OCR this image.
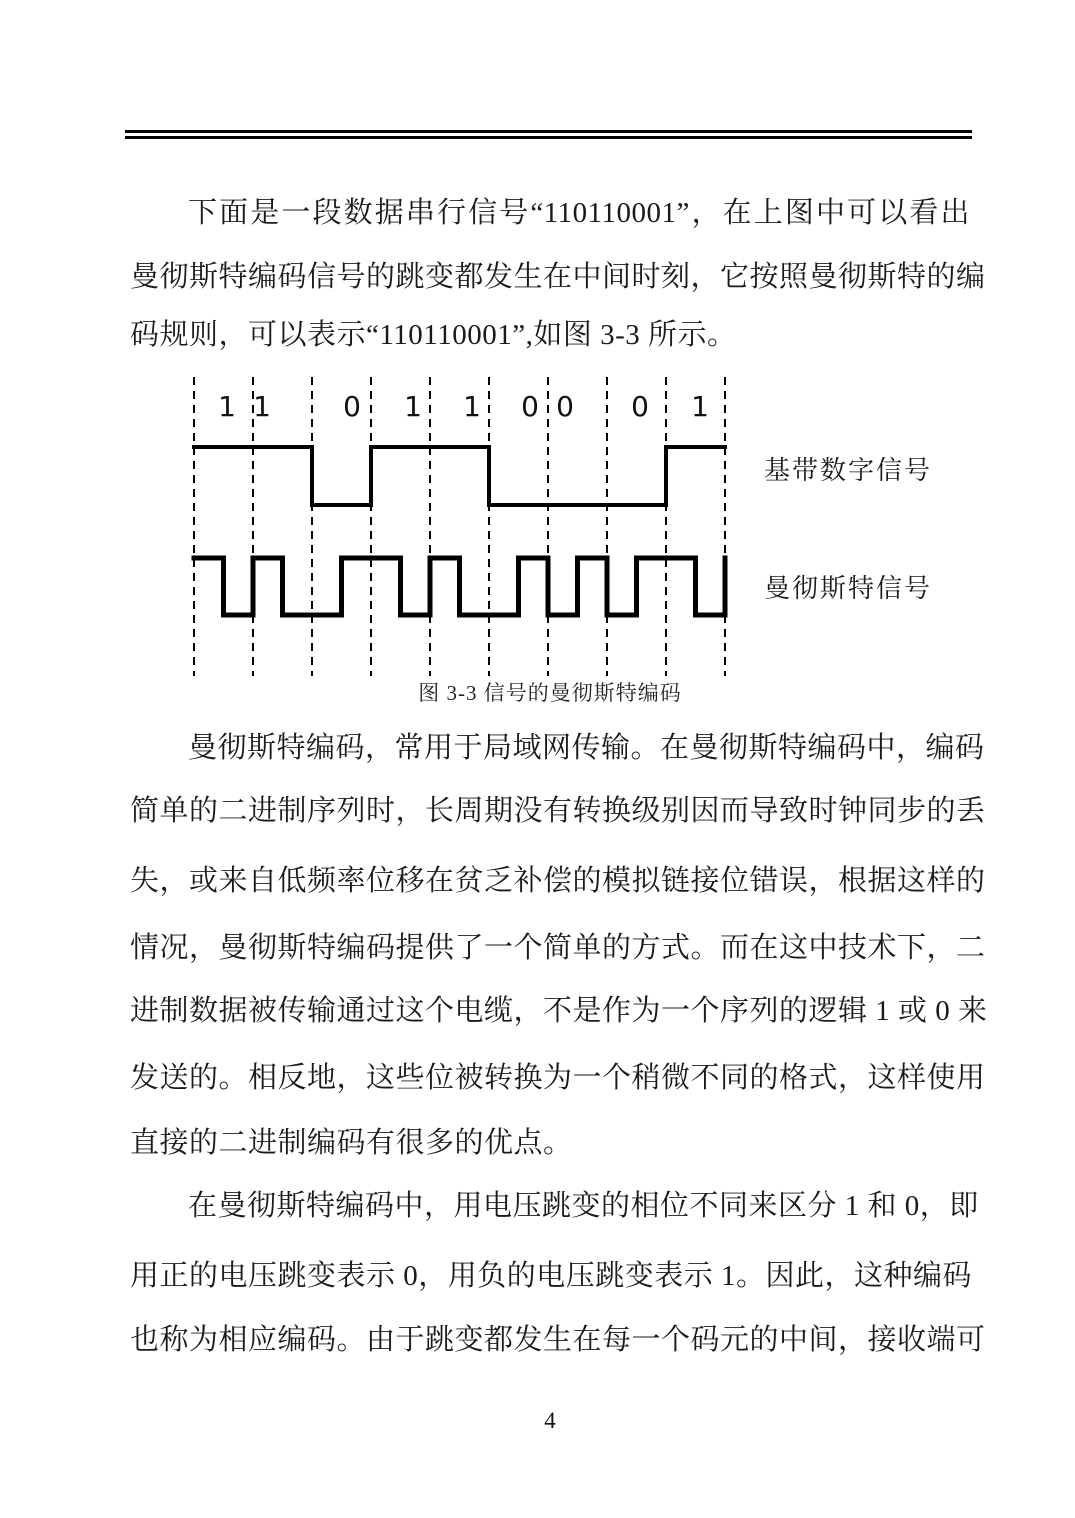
下面是一段数据串行信号“110110001”，在上图中可以看出
曼彻斯特编码信号的跳变都发生在中间时刻，它按照曼彻斯特的编
码规则，可以表示“110110001”,如图 3-3 所示。
1 1	0 1 1 0 0 0 1
基带数字信号
曼彻斯特信号
图 3-3 信号的曼彻斯特编码
曼彻斯特编码，常用于局域网传输。在曼彻斯特编码中，编码
简单的二进制序列时，长周期没有转换级别因而导致时钟同步的丢
失，或来自低频率位移在贫乏补偿的模拟链接位错误，根据这样的
情况，曼彻斯特编码提供了一个简单的方式。而在这中技术下，二
进制数据被传输通过这个电缆，不是作为一个序列的逻辑 1 或 0 来
发送的。相反地，这些位被转换为一个稍微不同的格式，这样使用
直接的二进制编码有很多的优点。
在曼彻斯特编码中，用电压跳变的相位不同来区分 1 和 0，即
用正的电压跳变表示 0，用负的电压跳变表示 1。因此，这种编码
也称为相应编码。由于跳变都发生在每一个码元的中间，接收端可
4
